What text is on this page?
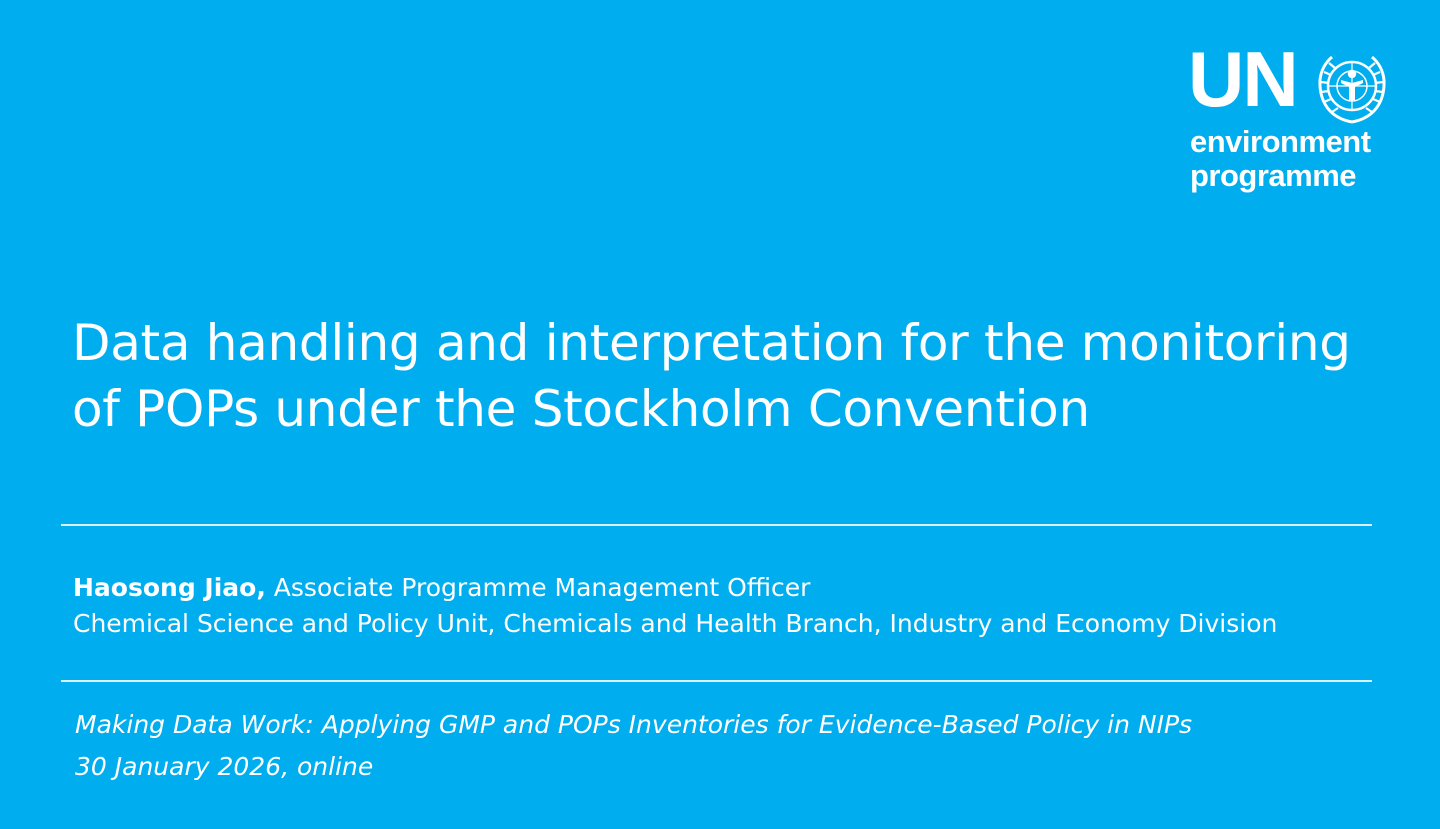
UN
environment
programme
Data handling and interpretation for the monitoring
of POPs under the Stockholm Convention
Haosong Jiao, Associate Programme Management Officer
Chemical Science and Policy Unit, Chemicals and Health Branch, Industry and Economy Division
Making Data Work: Applying GMP and POPs Inventories for Evidence-Based Policy in NIPs
30 January 2026, online
